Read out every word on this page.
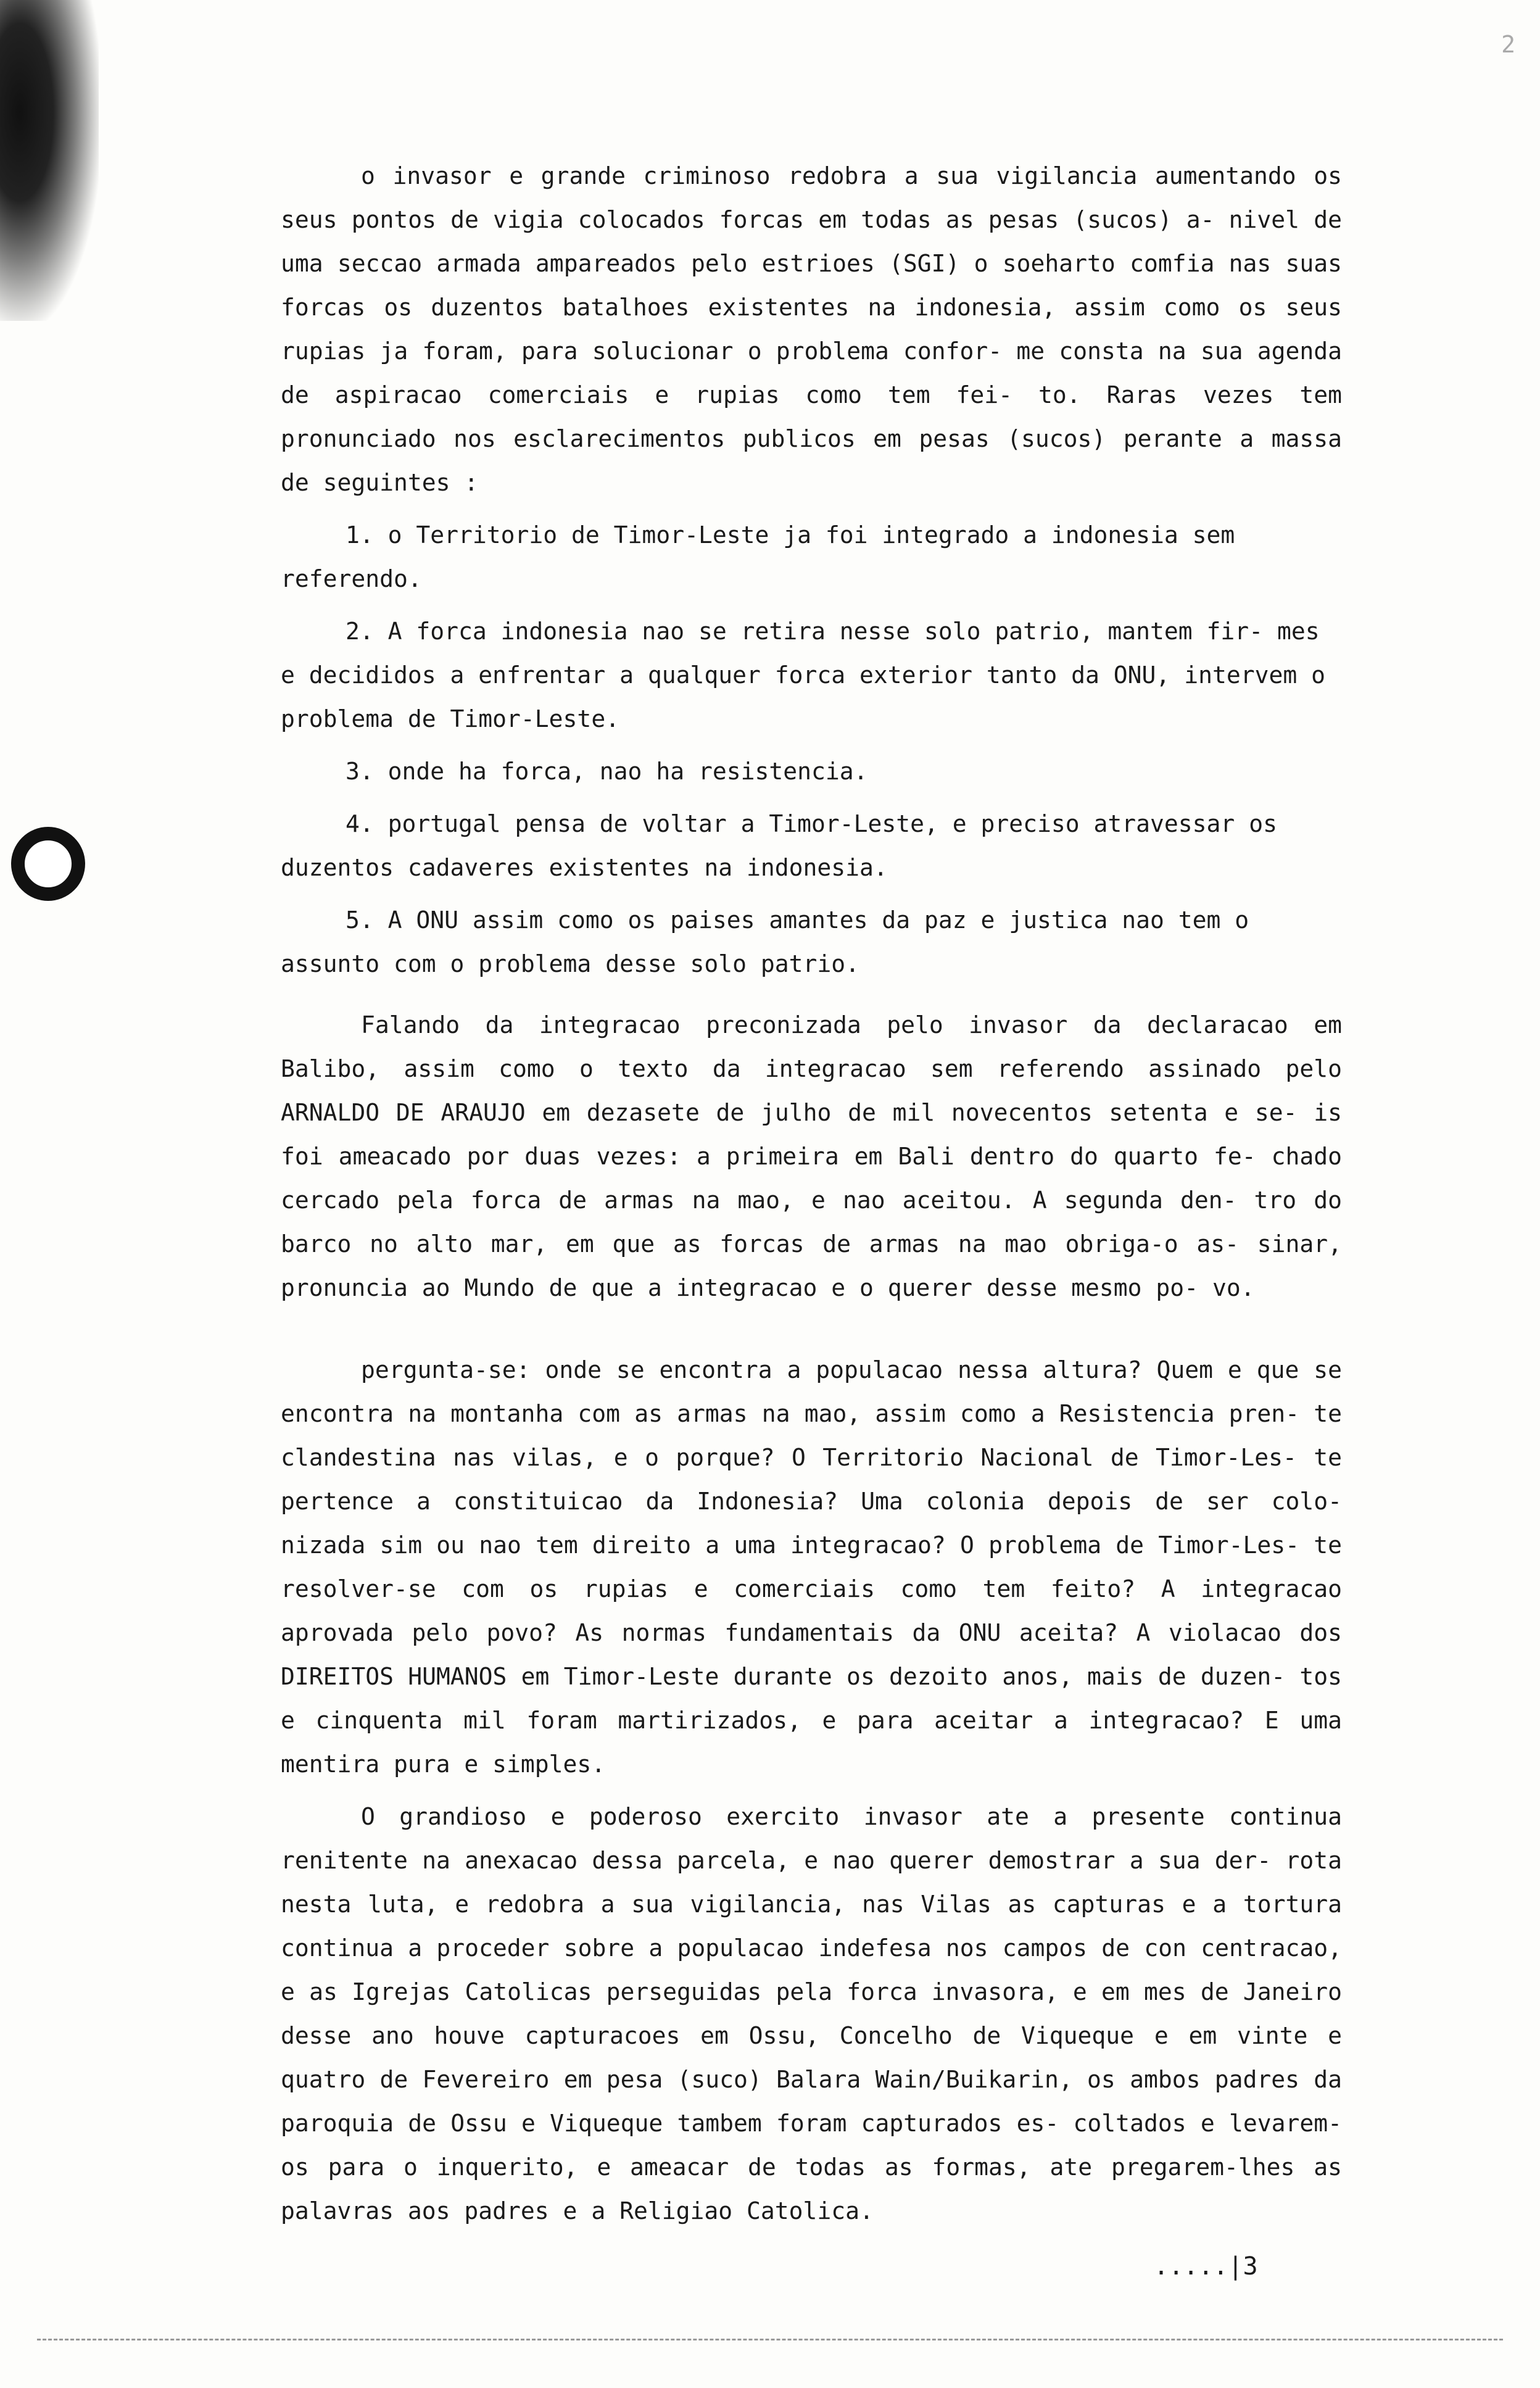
2

o invasor e grande criminoso redobra a sua vigilancia aumentando os seus pontos de vigia colocados forcas em todas as pesas (sucos) a- nivel de uma seccao armada ampareados pelo estrioes (SGI) o soeharto comfia nas suas forcas os duzentos batalhoes existentes na indonesia, assim como os seus rupias ja foram, para solucionar o problema confor- me consta na sua agenda de aspiracao comerciais e rupias como tem fei- to. Raras vezes tem pronunciado nos esclarecimentos publicos em pesas (sucos) perante a massa de seguintes :

1. o Territorio de Timor-Leste ja foi integrado a indonesia sem referendo.

2. A forca indonesia nao se retira nesse solo patrio, mantem fir- mes e decididos a enfrentar a qualquer forca exterior tanto da ONU, intervem o problema de Timor-Leste.

3. onde ha forca, nao ha resistencia.

4. portugal pensa de voltar a Timor-Leste, e preciso atravessar os duzentos cadaveres existentes na indonesia.

5. A ONU assim como os paises amantes da paz e justica nao tem o assunto com o problema desse solo patrio.

Falando da integracao preconizada pelo invasor da declaracao em Balibo, assim como o texto da integracao sem referendo assinado pelo ARNALDO DE ARAUJO em dezasete de julho de mil novecentos setenta e se- is foi ameacado por duas vezes: a primeira em Bali dentro do quarto fe- chado cercado pela forca de armas na mao, e nao aceitou. A segunda den- tro do barco no alto mar, em que as forcas de armas na mao obriga-o as- sinar, pronuncia ao Mundo de que a integracao e o querer desse mesmo po- vo.

pergunta-se: onde se encontra a populacao nessa altura? Quem e que se encontra na montanha com as armas na mao, assim como a Resistencia pren- te clandestina nas vilas, e o porque? O Territorio Nacional de Timor-Les- te pertence a constituicao da Indonesia? Uma colonia depois de ser colo- nizada sim ou nao tem direito a uma integracao? O problema de Timor-Les- te resolver-se com os rupias e comerciais como tem feito? A integracao aprovada pelo povo? As normas fundamentais da ONU aceita? A violacao dos DIREITOS HUMANOS em Timor-Leste durante os dezoito anos, mais de duzen- tos e cinquenta mil foram martirizados, e para aceitar a integracao? E uma mentira pura e simples.

O grandioso e poderoso exercito invasor ate a presente continua renitente na anexacao dessa parcela, e nao querer demostrar a sua der- rota nesta luta, e redobra a sua vigilancia, nas Vilas as capturas e a tortura continua a proceder sobre a populacao indefesa nos campos de con centracao, e as Igrejas Catolicas perseguidas pela forca invasora, e em mes de Janeiro desse ano houve capturacoes em Ossu, Concelho de Viqueque e em vinte e quatro de Fevereiro em pesa (suco) Balara Wain/Buikarin, os ambos padres da paroquia de Ossu e Viqueque tambem foram capturados es- coltados e levarem-os para o inquerito, e ameacar de todas as formas, ate pregarem-lhes as palavras aos padres e a Religiao Catolica.

.....|3
